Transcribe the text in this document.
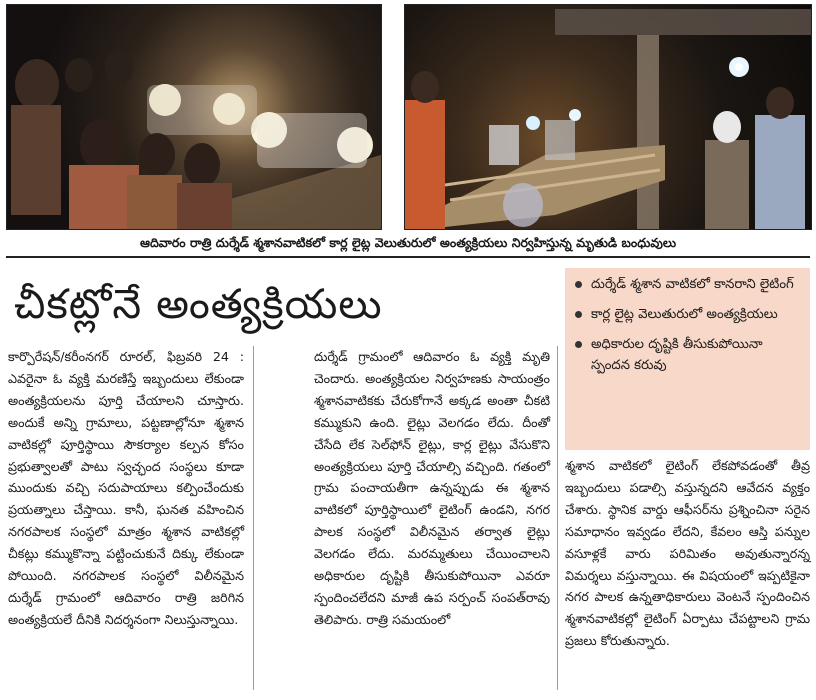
ఆదివారం రాత్రి దుర్శేడ్ శ్మశానవాటికలో కార్ల లైట్ల వెలుతురులో అంత్యక్రియలు నిర్వహిస్తున్న మృతుడి బంధువులు
చీకట్లోనే అంత్యక్రియలు	దుర్శేడ్ శ్మశాన వాటికలో కానరాని లైటింగ్
కార్ల లైట్ల వెలుతురులో అంత్యక్రియలు
అధికారుల దృష్టికి తీసుకుపోయినా స్పందన కరువు

కార్పొరేషన్/కరీంనగర్ రూరల్, ఫిబ్రవరి 24 : ఎవరైనా ఓ వ్యక్తి మరణిస్తే ఇబ్బందులు లేకుండా అంత్యక్రియలను పూర్తి చేయాలని చూస్తారు. అందుకే అన్ని గ్రామాలు, పట్టణాల్లోనూ శ్మశాన వాటికల్లో పూర్తిస్థాయి సౌకర్యాల కల్పన కోసం ప్రభుత్వాలతో పాటు స్వచ్ఛంద సంస్థలు కూడా ముందుకు వచ్చి సదుపాయాలు కల్పించేందుకు ప్రయత్నాలు చేస్తాయి. కానీ, ఘనత వహించిన నగరపాలక సంస్థలో మాత్రం శ్మశాన వాటికల్లో చీకట్లు కమ్ముకొన్నా పట్టించుకునే దిక్కు లేకుండా పోయింది. నగరపాలక సంస్థలో విలీనమైన దుర్శేడ్ గ్రామంలో ఆదివారం రాత్రి జరిగిన అంత్యక్రియలే దీనికి నిదర్శనంగా నిలుస్తున్నాయి.

దుర్శేడ్ గ్రామంలో ఆదివారం ఓ వ్యక్తి మృతి చెందారు. అంత్యక్రియల నిర్వహణకు సాయంత్రం శ్మశానవాటికకు చేరుకోగానే అక్కడ అంతా చీకటి కమ్ముకుని ఉంది. లైట్లు వెలగడం లేదు. దీంతో చేసేది లేక సెల్‌ఫోన్ లైట్లు, కార్ల లైట్లు వేసుకొని అంత్యక్రియలు పూర్తి చేయాల్సి వచ్చింది. గతంలో గ్రామ పంచాయతీగా ఉన్నప్పుడు ఈ శ్మశాన వాటికలో పూర్తిస్థాయిలో లైటింగ్ ఉండని, నగర పాలక సంస్థలో విలీనమైన తర్వాత లైట్లు వెలగడం లేదు. మరమ్మతులు చేయించాలని అధికారుల దృష్టికి తీసుకుపోయినా ఎవరూ స్పందించలేదని మాజీ ఉప సర్పంచ్ సంపత్‌రావు తెలిపారు. రాత్రి సమయంలో

శ్మశాన వాటికలో లైటింగ్ లేకపోవడంతో తీవ్ర ఇబ్బందులు పడాల్సి వస్తున్నదని ఆవేదన వ్యక్తం చేశారు. స్థానిక వార్డు ఆఫీసర్‌ను ప్రశ్నించినా సరైన సమాధానం ఇవ్వడం లేదని, కేవలం ఆస్తి పన్నుల వసూళ్లకే వారు పరిమితం అవుతున్నారన్న విమర్శలు వస్తున్నాయి. ఈ విషయంలో ఇప్పటికైనా నగర పాలక ఉన్నతాధికారులు వెంటనే స్పందించిన శ్మశానవాటికల్లో లైటింగ్ ఏర్పాటు చేపట్టాలని గ్రామ ప్రజలు కోరుతున్నారు.
